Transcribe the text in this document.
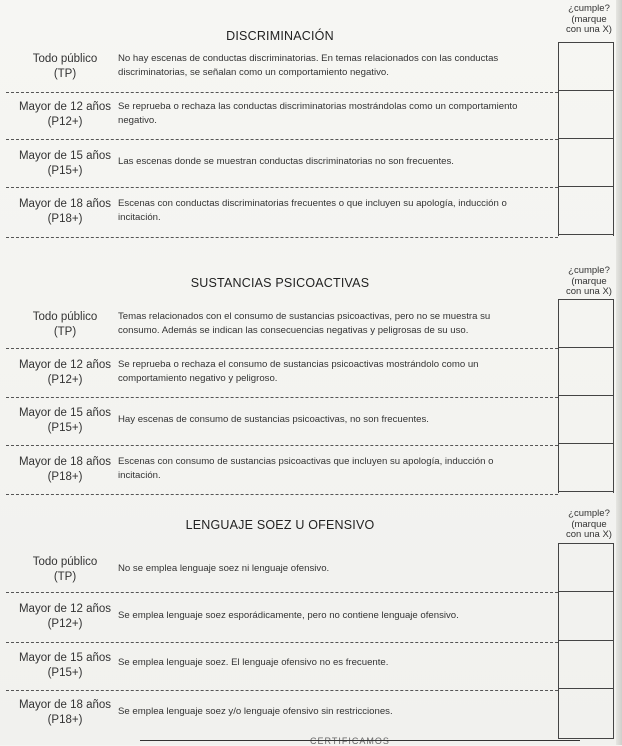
DISCRIMINACIÓN
¿cumple?
(marque
con una X)
Todo público
(TP)
No hay escenas de conductas discriminatorias. En temas relacionados con las conductas
discriminatorias, se señalan como un comportamiento negativo.
Mayor de 12 años
(P12+)
Se reprueba o rechaza las conductas discriminatorias mostrándolas como un comportamiento
negativo.
Mayor de 15 años
(P15+)
Las escenas donde se muestran conductas discriminatorias no son frecuentes.
Mayor de 18 años
(P18+)
Escenas con conductas discriminatorias frecuentes o que incluyen su apología, inducción o
incitación.
SUSTANCIAS PSICOACTIVAS
¿cumple?
(marque
con una X)
Todo público
(TP)
Temas relacionados con el consumo de sustancias psicoactivas, pero no se muestra su
consumo. Además se indican las consecuencias negativas y peligrosas de su uso.
Mayor de 12 años
(P12+)
Se reprueba o rechaza el consumo de sustancias psicoactivas mostrándolo como un
comportamiento negativo y peligroso.
Mayor de 15 años
(P15+)
Hay escenas de consumo de sustancias psicoactivas, no son frecuentes.
Mayor de 18 años
(P18+)
Escenas con consumo de sustancias psicoactivas que incluyen su apología, inducción o
incitación.
LENGUAJE SOEZ U OFENSIVO
¿cumple?
(marque
con una X)
Todo público
(TP)
No se emplea lenguaje soez ni lenguaje ofensivo.
Mayor de 12 años
(P12+)
Se emplea lenguaje soez esporádicamente, pero no contiene lenguaje ofensivo.
Mayor de 15 años
(P15+)
Se emplea lenguaje soez. El lenguaje ofensivo no es frecuente.
Mayor de 18 años
(P18+)
Se emplea lenguaje soez y/o lenguaje ofensivo sin restricciones.
CERTIFICAMOS
